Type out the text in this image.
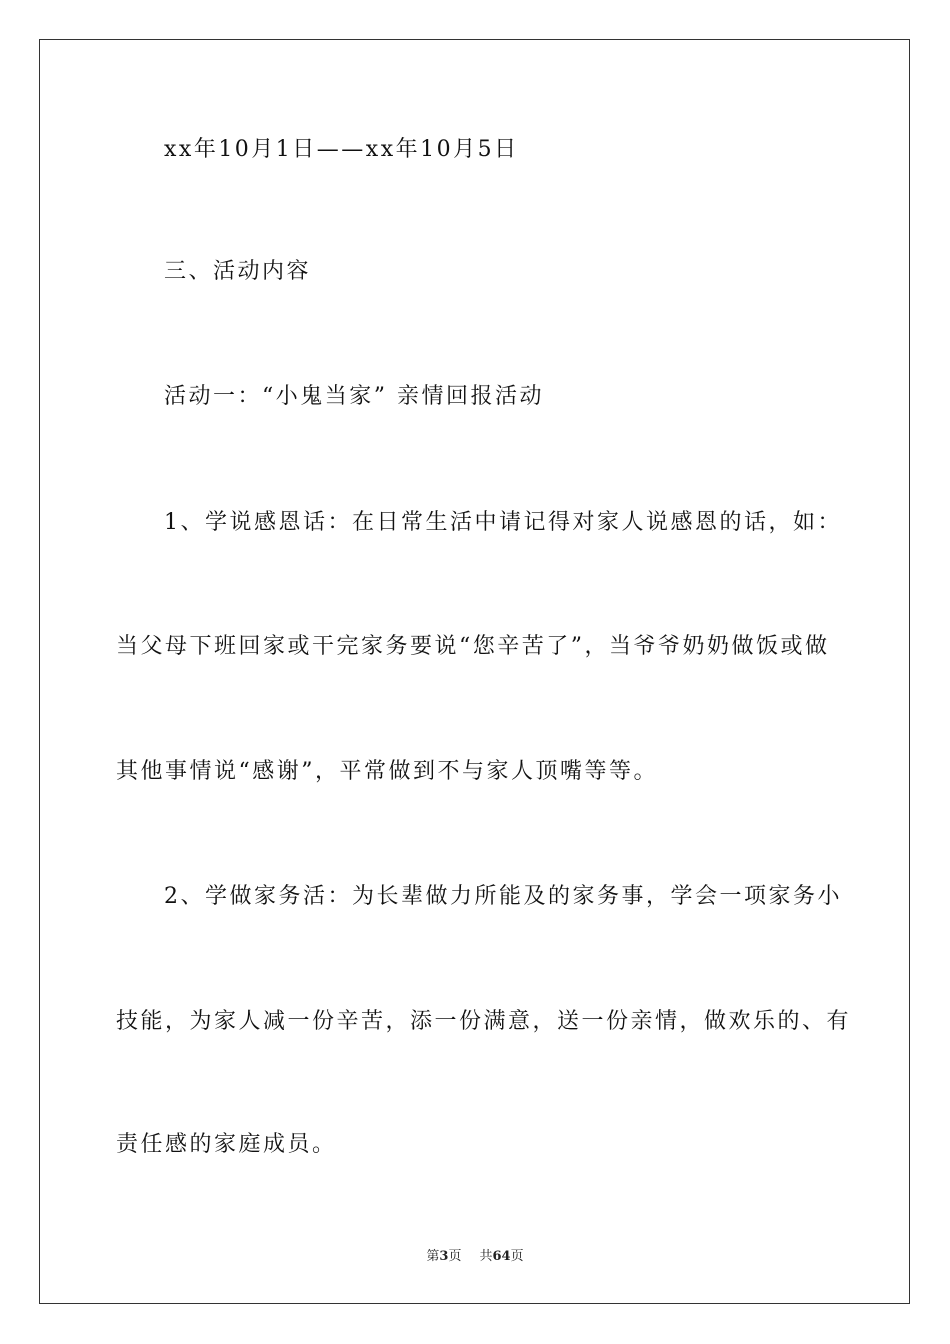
xx年10月1日——xx年10月5日
三、活动内容
活动一：“小鬼当家” 亲情回报活动
1、学说感恩话：在日常生活中请记得对家人说感恩的话，如：
当父母下班回家或干完家务要说“您辛苦了”，当爷爷奶奶做饭或做
其他事情说“感谢”，平常做到不与家人顶嘴等等。
2、学做家务活：为长辈做力所能及的家务事，学会一项家务小
技能，为家人减一份辛苦，添一份满意，送一份亲情，做欢乐的、有
责任感的家庭成员。
第3页 共64页
